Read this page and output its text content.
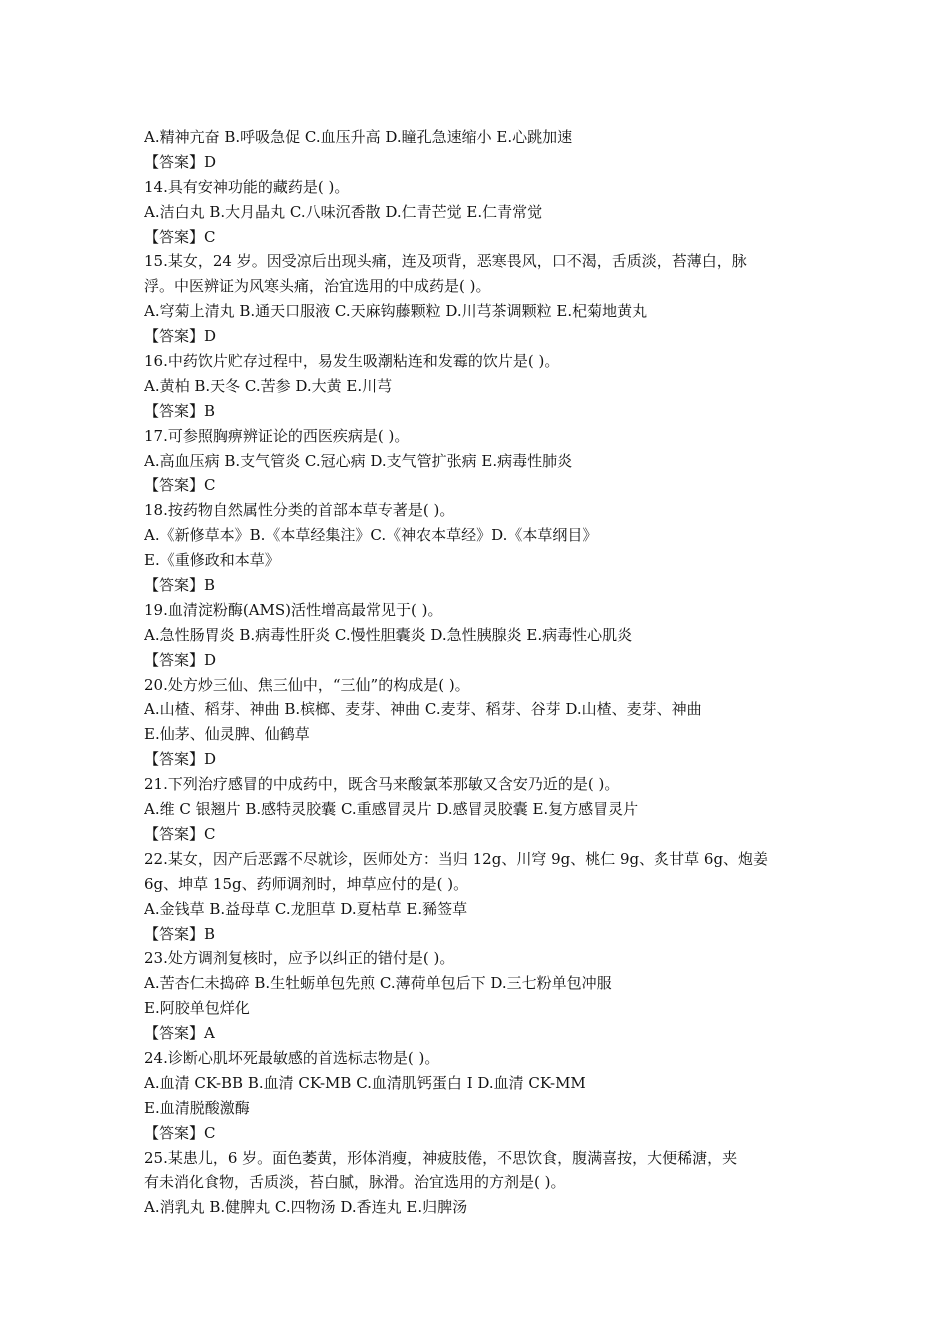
A.精神亢奋 B.呼吸急促 C.血压升高 D.瞳孔急速缩小 E.心跳加速
【答案】D
14.具有安神功能的藏药是( )。
A.洁白丸 B.大月晶丸 C.八味沉香散 D.仁青芒觉 E.仁青常觉
【答案】C
15.某女，24 岁。因受凉后出现头痛，连及项背，恶寒畏风，口不渴，舌质淡，苔薄白，脉
浮。中医辨证为风寒头痛，治宜选用的中成药是( )。
A.穹菊上清丸 B.通天口服液 C.天麻钩藤颗粒 D.川芎茶调颗粒 E.杞菊地黄丸
【答案】D
16.中药饮片贮存过程中，易发生吸潮粘连和发霉的饮片是( )。
A.黄柏 B.天冬 C.苦参 D.大黄 E.川芎
【答案】B
17.可参照胸痹辨证论的西医疾病是( )。
A.高血压病 B.支气管炎 C.冠心病 D.支气管扩张病 E.病毒性肺炎
【答案】C
18.按药物自然属性分类的首部本草专著是( )。
A.《新修草本》B.《本草经集注》C.《神农本草经》D.《本草纲目》
E.《重修政和本草》
【答案】B
19.血清淀粉酶(AMS)活性增高最常见于( )。
A.急性肠胃炎 B.病毒性肝炎 C.慢性胆囊炎 D.急性胰腺炎 E.病毒性心肌炎
【答案】D
20.处方炒三仙、焦三仙中，“三仙”的构成是( )。
A.山楂、稻芽、神曲 B.槟榔、麦芽、神曲 C.麦芽、稻芽、谷芽 D.山楂、麦芽、神曲
E.仙茅、仙灵脾、仙鹤草
【答案】D
21.下列治疗感冒的中成药中，既含马来酸氯苯那敏又含安乃近的是( )。
A.维 C 银翘片 B.感特灵胶囊 C.重感冒灵片 D.感冒灵胶囊 E.复方感冒灵片
【答案】C
22.某女，因产后恶露不尽就诊，医师处方：当归 12g、川穹 9g、桃仁 9g、炙甘草 6g、炮姜
6g、坤草 15g、药师调剂时，坤草应付的是( )。
A.金钱草 B.益母草 C.龙胆草 D.夏枯草 E.豨签草
【答案】B
23.处方调剂复核时，应予以纠正的错付是( )。
A.苦杏仁未捣碎 B.生牡蛎单包先煎 C.薄荷单包后下 D.三七粉单包冲服
E.阿胶单包烊化
【答案】A
24.诊断心肌坏死最敏感的首选标志物是( )。
A.血清 CK-BB B.血清 CK-MB C.血清肌钙蛋白 I D.血清 CK-MM
E.血清脱酸激酶
【答案】C
25.某患儿，6 岁。面色萎黄，形体消瘦，神疲肢倦，不思饮食，腹满喜按，大便稀溏，夹
有未消化食物，舌质淡，苔白腻，脉滑。治宜选用的方剂是( )。
A.消乳丸 B.健脾丸 C.四物汤 D.香连丸 E.归脾汤
